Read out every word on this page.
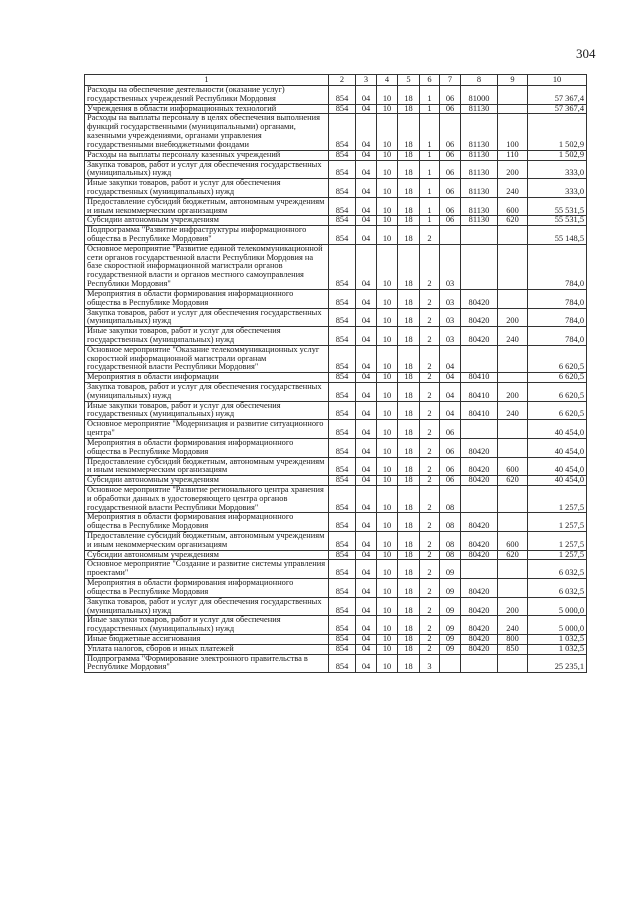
304
1	2	3	4	5	6	7	8	9	10
Расходы на обеспечение деятельности (оказание услуг) государственных учреждений Республики Мордовия	854	04	10	18	1	06	81000		57 367,4
Учреждения в области информационных технологий	854	04	10	18	1	06	81130		57 367,4
Расходы на выплаты персоналу в целях обеспечения выполнения функций государственными (муниципальными) органами, казенными учреждениями, органами управления государственными внебюджетными фондами	854	04	10	18	1	06	81130	100	1 502,9
Расходы на выплаты персоналу казенных учреждений	854	04	10	18	1	06	81130	110	1 502,9
Закупка товаров, работ и услуг для обеспечения государственных (муниципальных) нужд	854	04	10	18	1	06	81130	200	333,0
Иные закупки товаров, работ и услуг для обеспечения государственных (муниципальных) нужд	854	04	10	18	1	06	81130	240	333,0
Предоставление субсидий бюджетным, автономным учреждениям и иным некоммерческим организациям	854	04	10	18	1	06	81130	600	55 531,5
Субсидии автономным учреждениям	854	04	10	18	1	06	81130	620	55 531,5
Подпрограмма "Развитие инфраструктуры информационного общества в Республике Мордовия"	854	04	10	18	2				55 148,5
Основное мероприятие "Развитие единой телекоммуникационной сети органов государственной власти Республики Мордовия на базе скоростной информационной магистрали органов государственной власти и органов местного самоуправления Республики Мордовия"	854	04	10	18	2	03			784,0
Мероприятия в области формирования информационного общества в Республике Мордовия	854	04	10	18	2	03	80420		784,0
Закупка товаров, работ и услуг для обеспечения государственных (муниципальных) нужд	854	04	10	18	2	03	80420	200	784,0
Иные закупки товаров, работ и услуг для обеспечения государственных (муниципальных) нужд	854	04	10	18	2	03	80420	240	784,0
Основное мероприятие "Оказание телекоммуникационных услуг скоростной информационной магистрали органам государственной власти Республики Мордовия"	854	04	10	18	2	04			6 620,5
Мероприятия в области информации	854	04	10	18	2	04	80410		6 620,5
Закупка товаров, работ и услуг для обеспечения государственных (муниципальных) нужд	854	04	10	18	2	04	80410	200	6 620,5
Иные закупки товаров, работ и услуг для обеспечения государственных (муниципальных) нужд	854	04	10	18	2	04	80410	240	6 620,5
Основное мероприятие "Модернизация и развитие ситуационного центра"	854	04	10	18	2	06			40 454,0
Мероприятия в области формирования информационного общества в Республике Мордовия	854	04	10	18	2	06	80420		40 454,0
Предоставление субсидий бюджетным, автономным учреждениям и иным некоммерческим организациям	854	04	10	18	2	06	80420	600	40 454,0
Субсидии автономным учреждениям	854	04	10	18	2	06	80420	620	40 454,0
Основное мероприятие "Развитие регионального центра хранения и обработки данных в удостоверяющего центра органов государственной власти Республики Мордовия"	854	04	10	18	2	08			1 257,5
Мероприятия в области формирования информационного общества в Республике Мордовия	854	04	10	18	2	08	80420		1 257,5
Предоставление субсидий бюджетным, автономным учреждениям и иным некоммерческим организациям	854	04	10	18	2	08	80420	600	1 257,5
Субсидии автономным учреждениям	854	04	10	18	2	08	80420	620	1 257,5
Основное мероприятие "Создание и развитие системы управления проектами"	854	04	10	18	2	09			6 032,5
Мероприятия в области формирования информационного общества в Республике Мордовия	854	04	10	18	2	09	80420		6 032,5
Закупка товаров, работ и услуг для обеспечения государственных (муниципальных) нужд	854	04	10	18	2	09	80420	200	5 000,0
Иные закупки товаров, работ и услуг для обеспечения государственных (муниципальных) нужд	854	04	10	18	2	09	80420	240	5 000,0
Иные бюджетные ассигнования	854	04	10	18	2	09	80420	800	1 032,5
Уплата налогов, сборов и иных платежей	854	04	10	18	2	09	80420	850	1 032,5
Подпрограмма "Формирование электронного правительства в Республике Мордовия"	854	04	10	18	3				25 235,1
